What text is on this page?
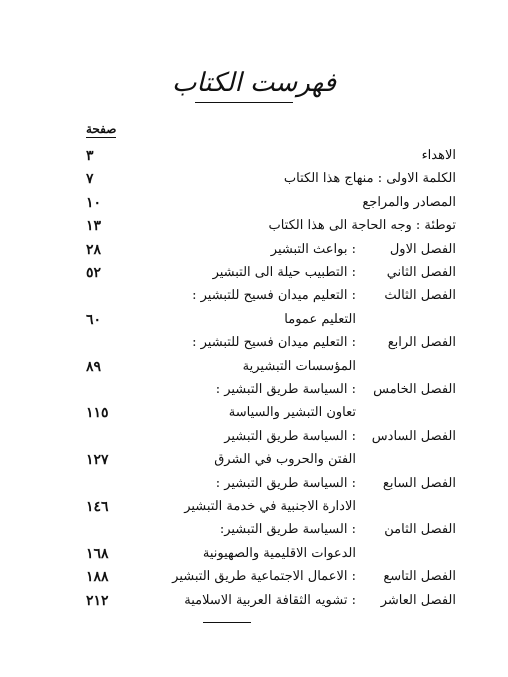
فهرست الكتاب
صفحة
الاهداء
٣
الكلمة الاولى : منهاج هذا الكتاب
٧
المصادر والمراجع
١٠
توطئة : وجه الحاجة الى هذا الكتاب
١٣
الفصل الاول
: بواعث التبشير
٢٨
الفصل الثاني
: التطبيب حيلة الى التبشير
٥٢
الفصل الثالث
: التعليم ميدان فسيح للتبشير :
التعليم عموما
٦٠
الفصل الرابع
: التعليم ميدان فسيح للتبشير :
المؤسسات التبشيرية
٨٩
الفصل الخامس
: السياسة طريق التبشير :
تعاون التبشير والسياسة
١١٥
الفصل السادس
: السياسة طريق التبشير
الفتن والحروب في الشرق
١٢٧
الفصل السابع
: السياسة طريق التبشير :
الادارة الاجنبية في خدمة التبشير
١٤٦
الفصل الثامن
: السياسة طريق التبشير:
الدعوات الاقليمية والصهيونية
١٦٨
الفصل التاسع
: الاعمال الاجتماعية طريق التبشير
١٨٨
الفصل العاشر
: تشويه الثقافة العربية الاسلامية
٢١٢
